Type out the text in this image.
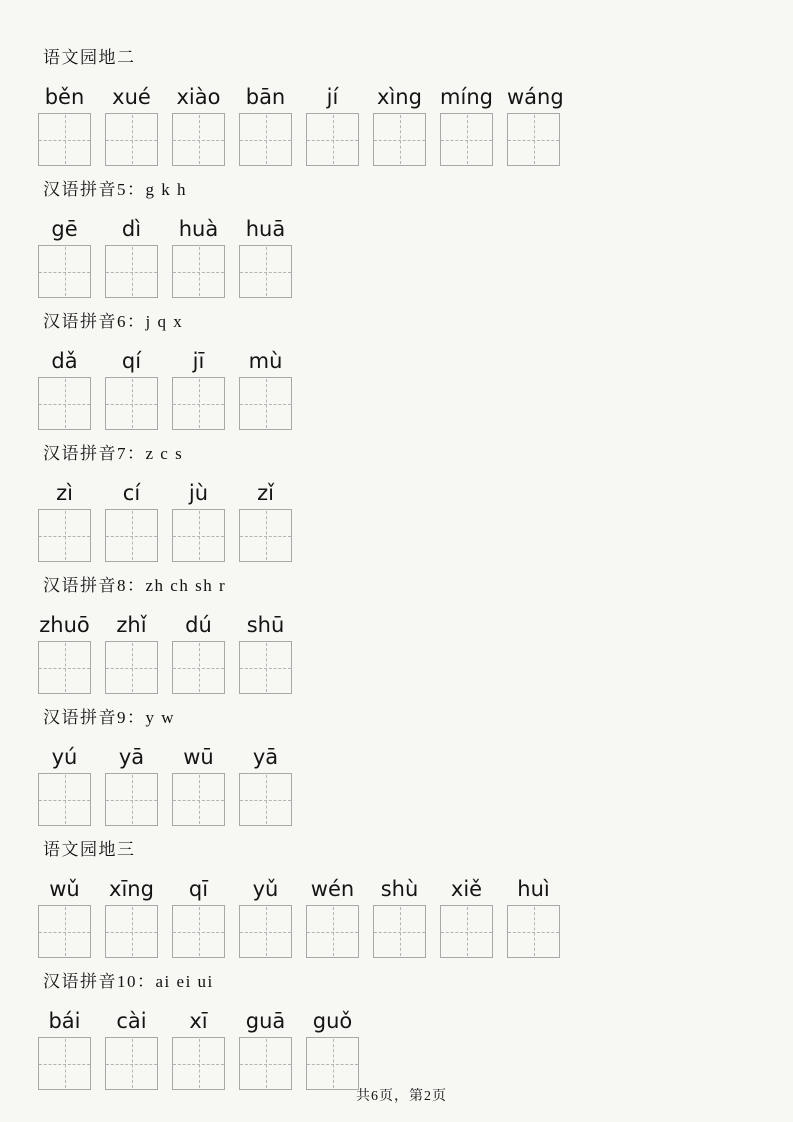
语文园地二
běn	xué	xiào	bān	jí	xìng míng wáng
汉语拼音5：g k h
gē	dì	huà	huā
汉语拼音6：j q x
dǎ	qí	jī	mù
汉语拼音7：z c s
zì	cí	jù	zǐ
汉语拼音8：zh ch sh r
zhuō	zhǐ	dú	shū
汉语拼音9：y w
yú	yā	wū	yā
语文园地三
wǔ	xīng	qī	yǔ	wén	shù	xiě	huì
汉语拼音10：ai ei ui
bái	cài	xī	guā	guǒ
共6页，第2页
